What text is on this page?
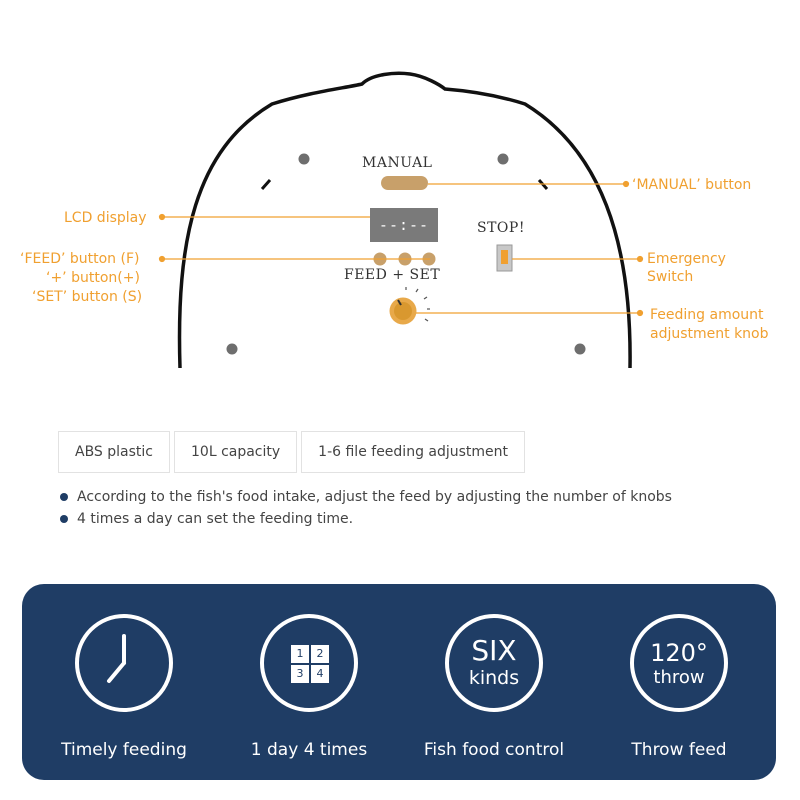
MANUAL
--:--
FEED + SET
STOP!
‘MANUAL’ button
LCD display
‘FEED’ button (F)
‘+’ button(+)
‘SET’ button (S)
Emergency
Switch
Feeding amount
adjustment knob
ABS plastic	10L capacity	1-6 file feeding adjustment
According to the fish's food intake, adjust the feed by adjusting the number of knobs
4 times a day can set the feeding time.
Timely feeding
1	2
3	4
1 day 4 times
SIX
kinds
Fish food control
120°
throw
Throw feed
